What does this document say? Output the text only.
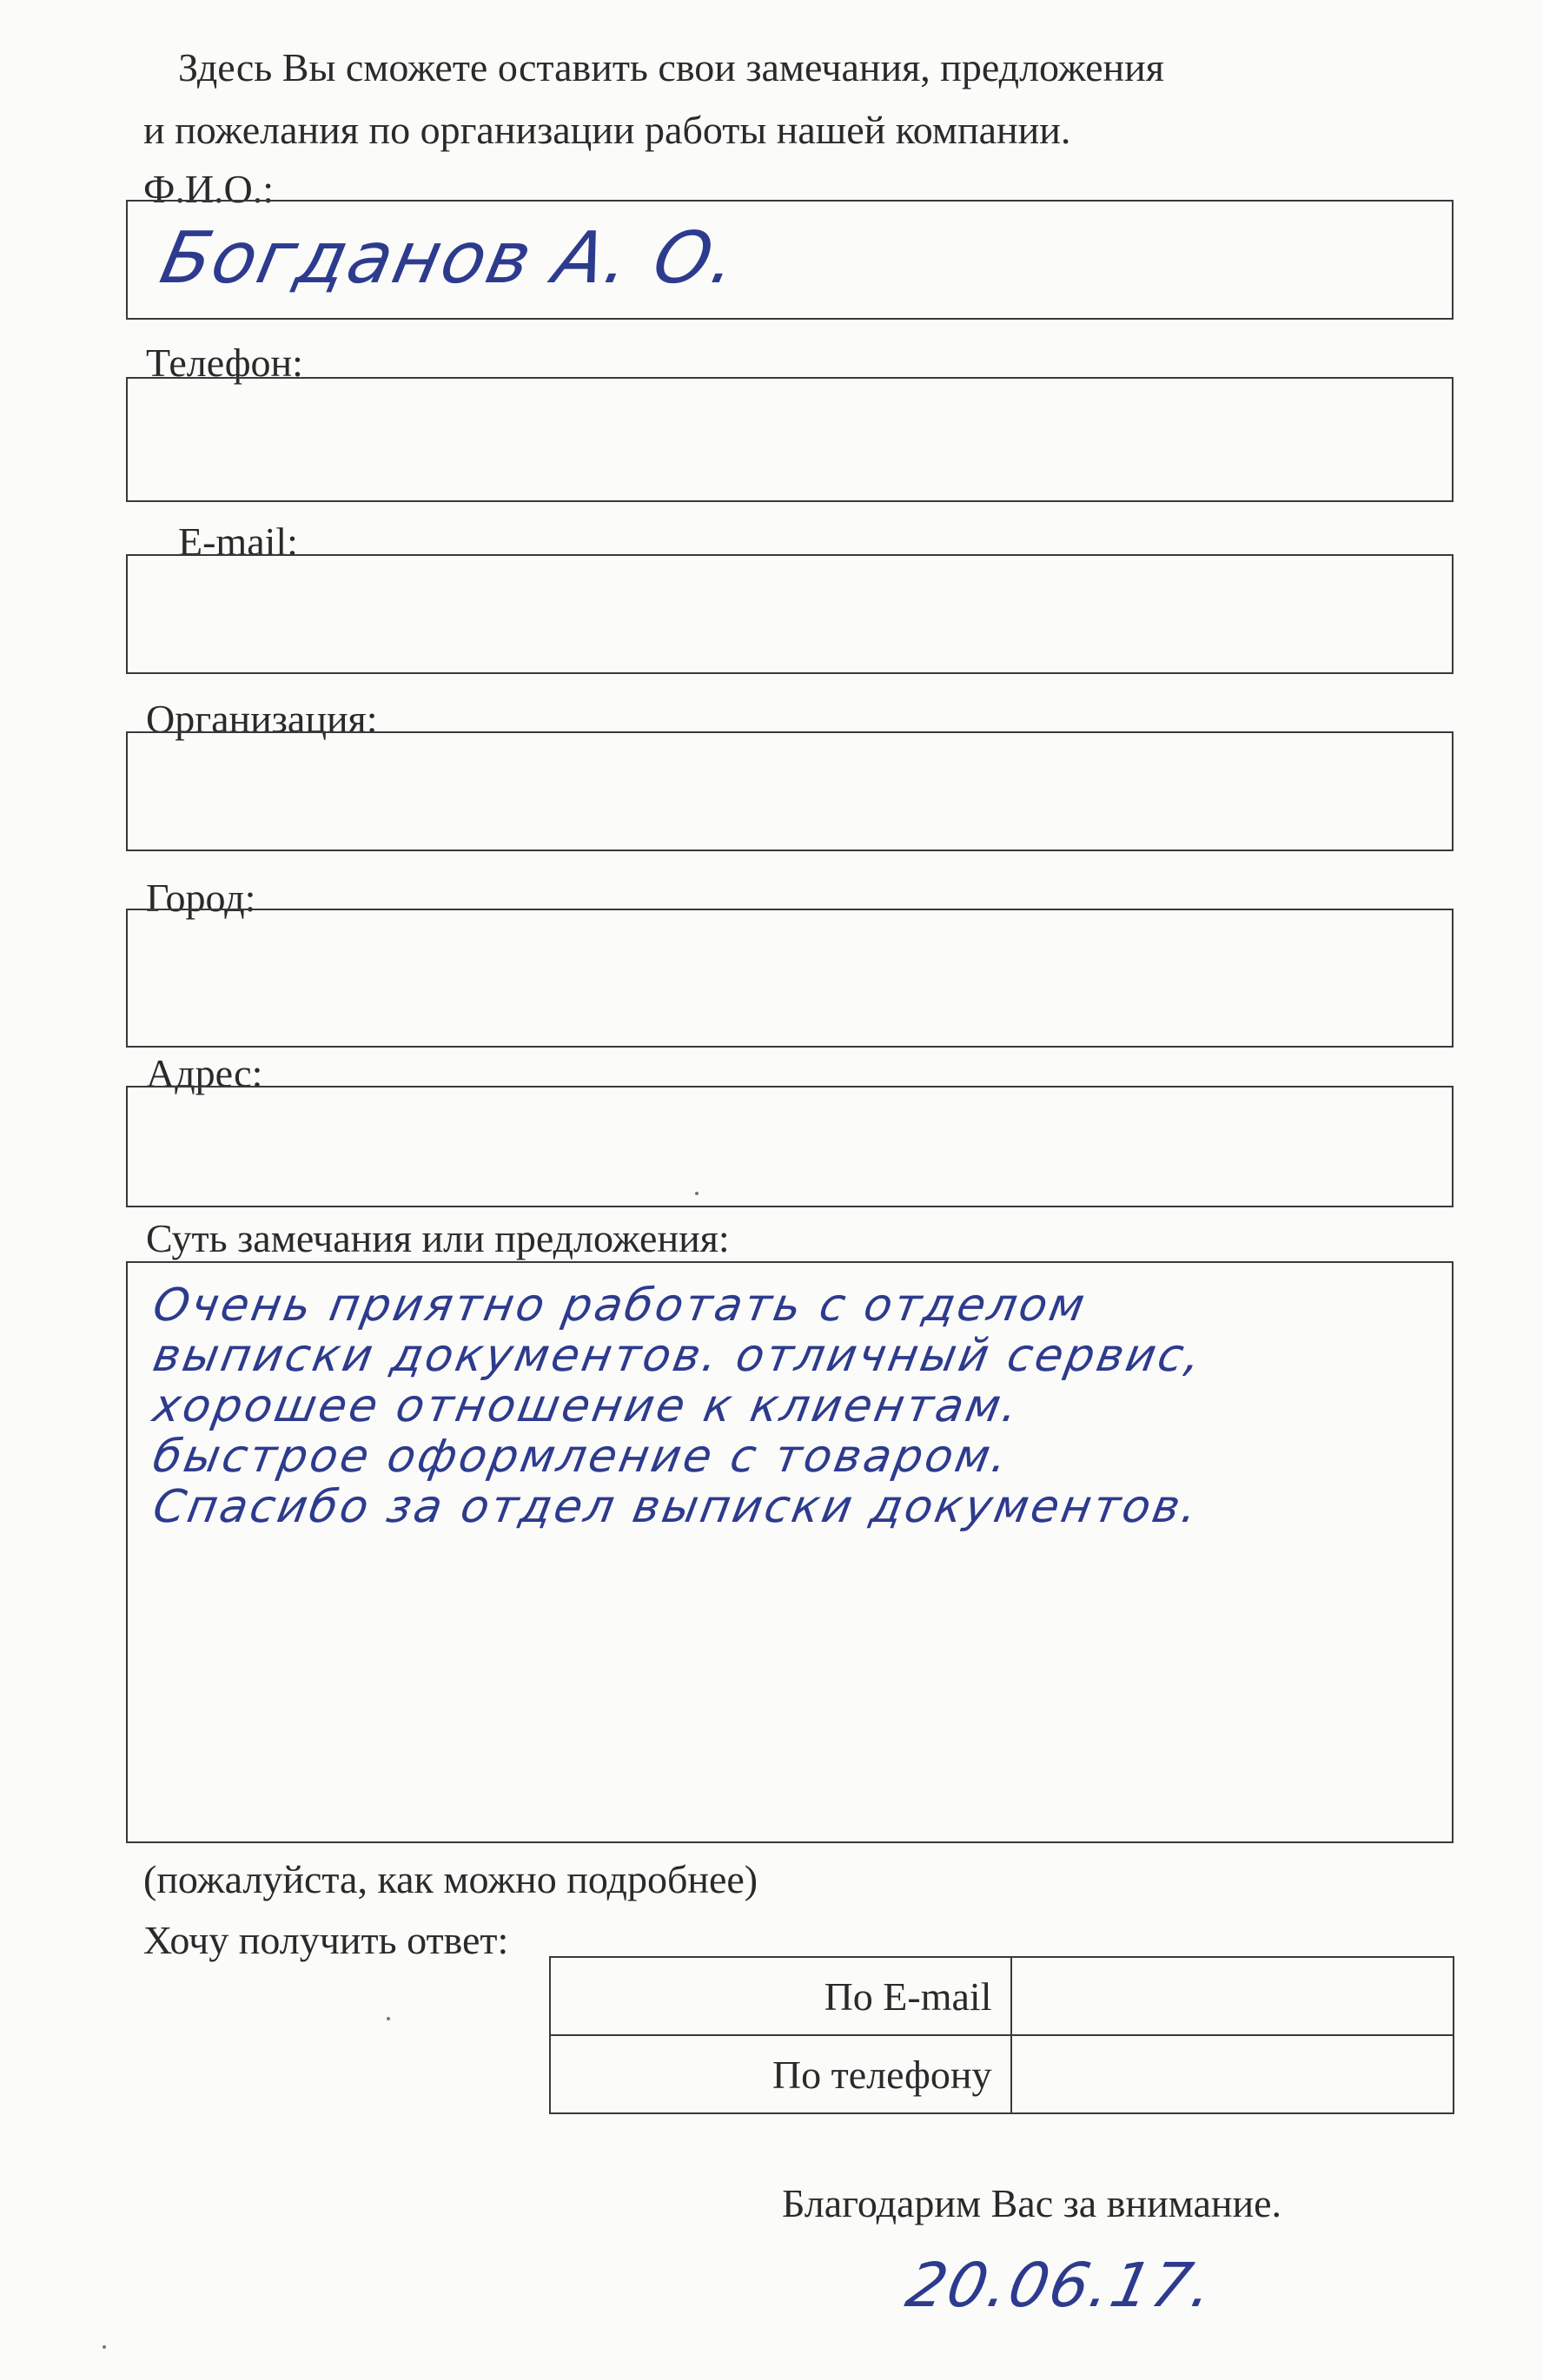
Здесь Вы сможете оставить свои замечания, предложения
и пожелания по организации работы нашей компании.
Ф.И.О.:
Богданов А. О.
Телефон:
E-mail:
Организация:
Город:
Адрес:
Суть замечания или предложения:
Очень приятно работать с отделом
выписки документов. отличный сервис,
хорошее отношение к клиентам.
быстрое оформление с товаром.
Спасибо за отдел выписки документов.
(пожалуйста, как можно подробнее)
Хочу получить ответ:
По E-mail	
По телефону	
Благодарим Вас за внимание.
20.06.17.
